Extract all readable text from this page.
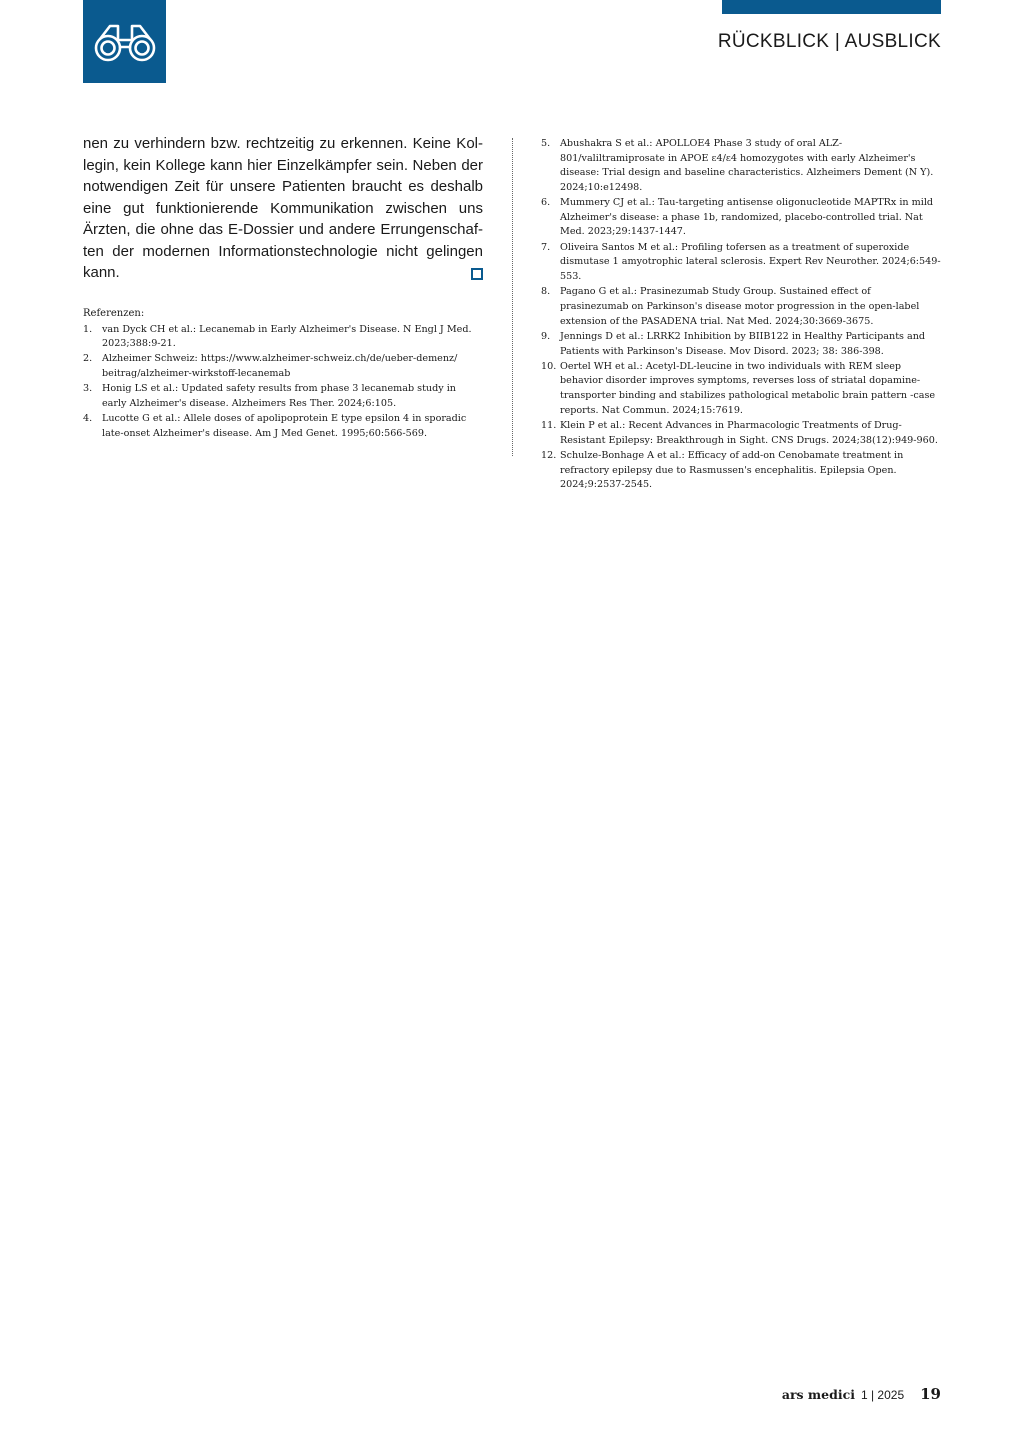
RÜCKBLICK | AUSBLICK

nen zu verhindern bzw. rechtzeitig zu erkennen. Keine Kollegin, kein Kollege kann hier Einzelkämpfer sein. Neben der notwendigen Zeit für unsere Patienten braucht es deshalb eine gut funktionierende Kommunikation zwischen uns Ärzten, die ohne das E-Dossier und andere Errungenschaften der modernen Informationstechnologie nicht gelingen kann.

Referenzen:
1. van Dyck CH et al.: Lecanemab in Early Alzheimer's Disease. N Engl J Med. 2023;388:9-21.
2. Alzheimer Schweiz: https://www.alzheimer-schweiz.ch/de/ueber-demenz/ beitrag/alzheimer-wirkstoff-lecanemab
3. Honig LS et al.: Updated safety results from phase 3 lecanemab study in early Alzheimer's disease. Alzheimers Res Ther. 2024;6:105.
4. Lucotte G et al.: Allele doses of apolipoprotein E type epsilon 4 in sporadic late-onset Alzheimer's disease. Am J Med Genet. 1995;60:566-569.
5. Abushakra S et al.: APOLLOE4 Phase 3 study of oral ALZ-801/valiltramiprosate in APOE ε4/ε4 homozygotes with early Alzheimer's disease: Trial design and baseline characteristics. Alzheimers Dement (N Y). 2024;10:e12498.
6. Mummery CJ et al.: Tau-targeting antisense oligonucleotide MAPTRx in mild Alzheimer's disease: a phase 1b, randomized, placebo-controlled trial. Nat Med. 2023;29:1437-1447.
7. Oliveira Santos M et al.: Profiling tofersen as a treatment of superoxide dismutase 1 amyotrophic lateral sclerosis. Expert Rev Neurother. 2024;6:549-553.
8. Pagano G et al.: Prasinezumab Study Group. Sustained effect of prasinezumab on Parkinson's disease motor progression in the open-label extension of the PASADENA trial. Nat Med. 2024;30:3669-3675.
9. Jennings D et al.: LRRK2 Inhibition by BIIB122 in Healthy Participants and Patients with Parkinson's Disease. Mov Disord. 2023; 38: 386-398.
10. Oertel WH et al.: Acetyl-DL-leucine in two individuals with REM sleep behavior disorder improves symptoms, reverses loss of striatal dopamine-transporter binding and stabilizes pathological metabolic brain pattern -case reports. Nat Commun. 2024;15:7619.
11. Klein P et al.: Recent Advances in Pharmacologic Treatments of Drug-Resistant Epilepsy: Breakthrough in Sight. CNS Drugs. 2024;38(12):949-960.
12. Schulze-Bonhage A et al.: Efficacy of add-on Cenobamate treatment in refractory epilepsy due to Rasmussen's encephalitis. Epilepsia Open. 2024;9:2537-2545.
ars medici 1 | 2025 19
